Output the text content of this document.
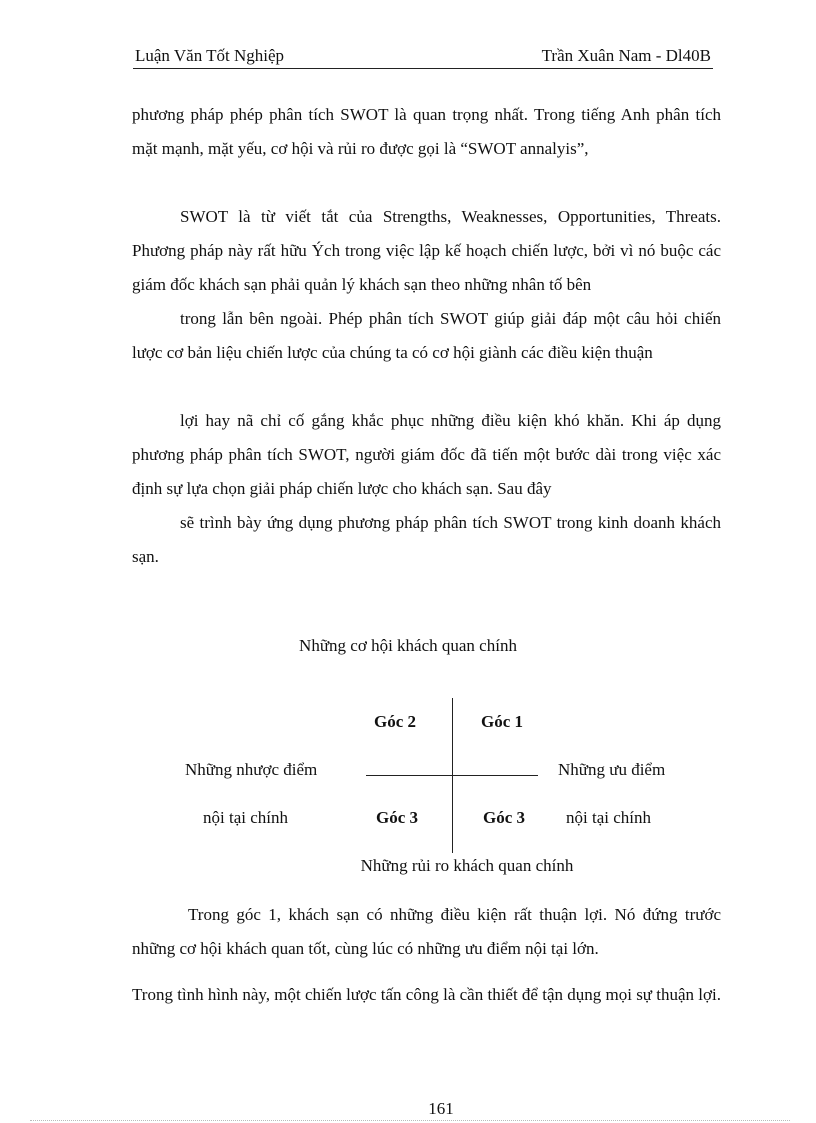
Luận Văn Tốt Nghiệp	Trần Xuân Nam - Dl40B

phương pháp phép phân tích SWOT là quan trọng nhất. Trong tiếng Anh phân tích mặt mạnh, mặt yếu, cơ hội và rủi ro được gọi là “SWOT annalyis”,

SWOT là từ viết tắt của Strengths, Weaknesses, Opportunities, Threats. Phương pháp này rất hữu Ých trong việc lập kế hoạch chiến lược, bởi vì nó buộc các giám đốc khách sạn phải quản lý khách sạn theo những nhân tố bên

trong lẫn bên ngoài. Phép phân tích SWOT giúp giải đáp một câu hỏi chiến lược cơ bản liệu chiến lược của chúng ta có cơ hội giành các điều kiện thuận

lợi hay nã chỉ cố gắng khắc phục những điều kiện khó khăn. Khi áp dụng phương pháp phân tích SWOT, người giám đốc đã tiến một bước dài trong việc xác định sự lựa chọn giải pháp chiến lược cho khách sạn. Sau đây

sẽ trình bày ứng dụng phương pháp phân tích SWOT trong kinh doanh khách sạn.

Những cơ hội khách quan chính
Góc 2	Góc 1
Góc 3	Góc 3
Những nhược điểm
nội tại chính
Những ưu điểm
nội tại chính
Những rủi ro khách quan chính

Trong góc 1, khách sạn có những điều kiện rất thuận lợi. Nó đứng trước những cơ hội khách quan tốt, cùng lúc có những ưu điểm nội tại lớn.

Trong tình hình này, một chiến lược tấn công là cần thiết để tận dụng mọi sự thuận lợi.

161
